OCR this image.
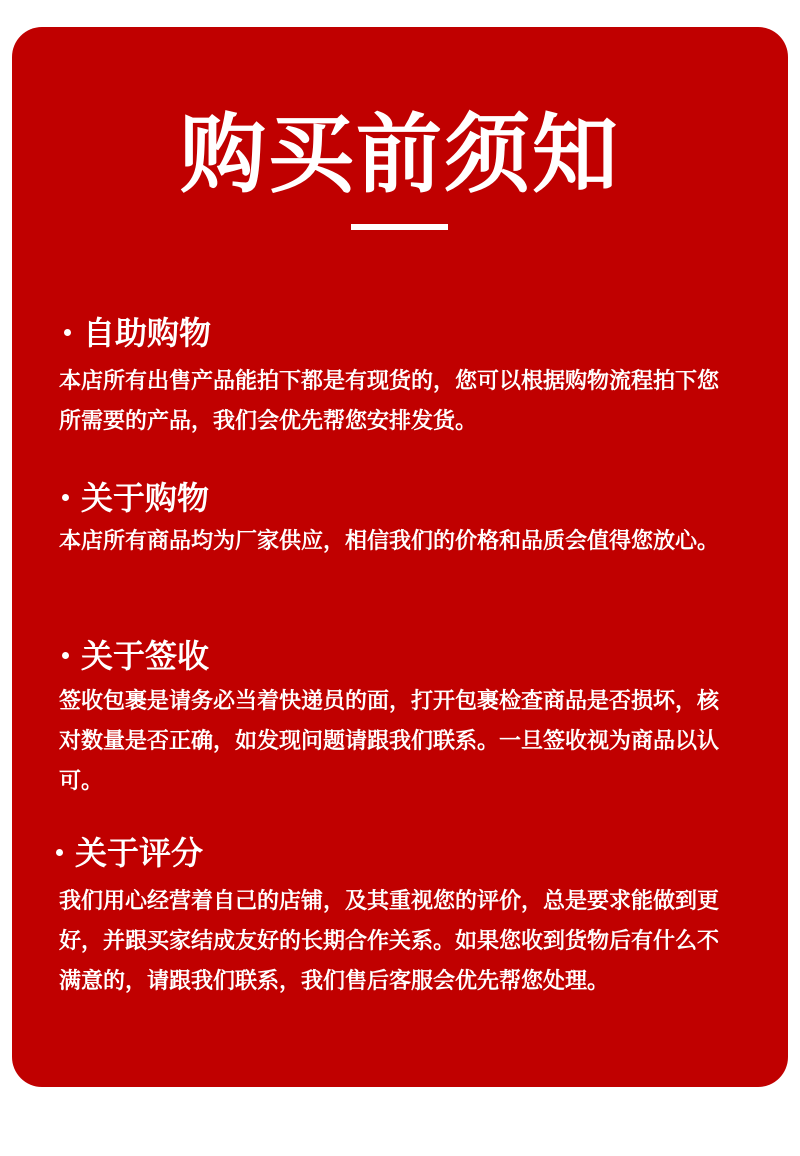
购买前须知
自助购物
本店所有出售产品能拍下都是有现货的，您可以根据购物流程拍下您所需要的产品，我们会优先帮您安排发货。
关于购物
本店所有商品均为厂家供应，相信我们的价格和品质会值得您放心。
关于签收
签收包裹是请务必当着快递员的面，打开包裹检查商品是否损坏，核对数量是否正确，如发现问题请跟我们联系。一旦签收视为商品以认可。
关于评分
我们用心经营着自己的店铺，及其重视您的评价，总是要求能做到更好，并跟买家结成友好的长期合作关系。如果您收到货物后有什么不满意的，请跟我们联系，我们售后客服会优先帮您处理。
